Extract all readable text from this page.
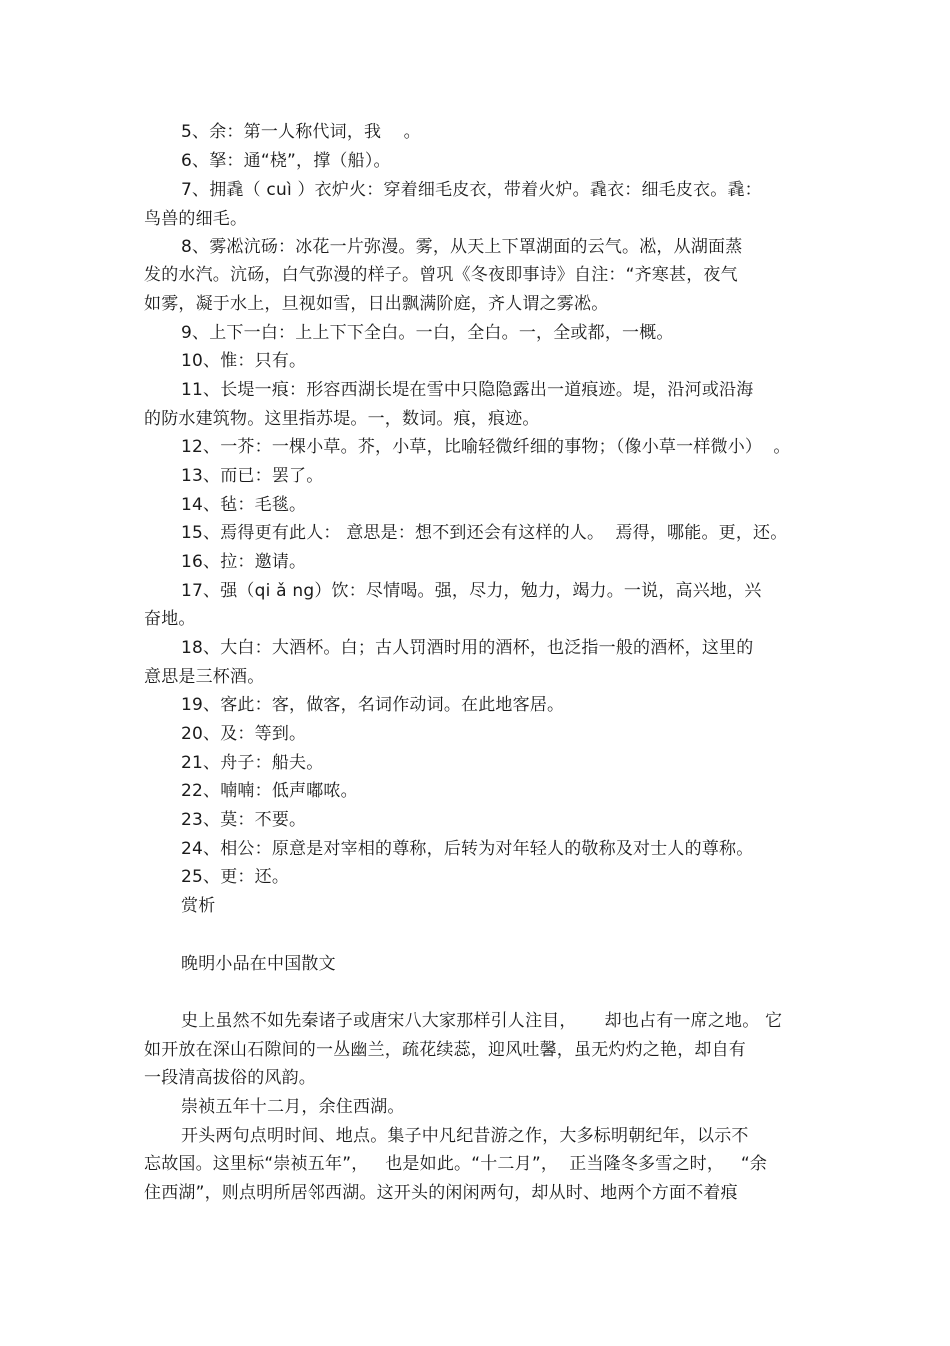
5、余：第一人称代词，我    。
6、拏：通“桡”，撑（船）。
7、拥毳（ cuì ）衣炉火：穿着细毛皮衣，带着火炉。毳衣：细毛皮衣。毳：
鸟兽的细毛。
8、雾凇沆砀：冰花一片弥漫。雾，从天上下罩湖面的云气。凇，从湖面蒸
发的水汽。沆砀，白气弥漫的样子。曾巩《冬夜即事诗》自注：“齐寒甚，夜气
如雾，凝于水上，旦视如雪，日出飘满阶庭，齐人谓之雾凇。
9、上下一白：上上下下全白。一白，全白。一，全或都，一概。
10、惟：只有。
11、长堤一痕：形容西湖长堤在雪中只隐隐露出一道痕迹。堤，沿河或沿海
的防水建筑物。这里指苏堤。一，数词。痕，痕迹。
12、一芥：一棵小草。芥，小草，比喻轻微纤细的事物；（像小草一样微小）  。
13、而已：罢了。
14、毡：毛毯。
15、焉得更有此人： 意思是：想不到还会有这样的人。  焉得，哪能。更，还。
16、拉：邀请。
17、强（qi ǎ ng）饮：尽情喝。强，尽力，勉力，竭力。一说，高兴地，兴
奋地。
18、大白：大酒杯。白；古人罚酒时用的酒杯，也泛指一般的酒杯，这里的
意思是三杯酒。
19、客此：客，做客，名词作动词。在此地客居。
20、及：等到。
21、舟子：船夫。
22、喃喃：低声嘟哝。
23、莫：不要。
24、相公：原意是对宰相的尊称，后转为对年轻人的敬称及对士人的尊称。
25、更：还。
赏析
晚明小品在中国散文
史上虽然不如先秦诸子或唐宋八大家那样引人注目，     却也占有一席之地。 它
如开放在深山石隙间的一丛幽兰，疏花续蕊，迎风吐馨，虽无灼灼之艳，却自有
一段清高拔俗的风韵。
崇祯五年十二月，余住西湖。
开头两句点明时间、地点。集子中凡纪昔游之作，大多标明朝纪年，以示不
忘故国。这里标“崇祯五年”，   也是如此。“十二月”，  正当隆冬多雪之时，   “余
住西湖”，则点明所居邻西湖。这开头的闲闲两句，却从时、地两个方面不着痕
